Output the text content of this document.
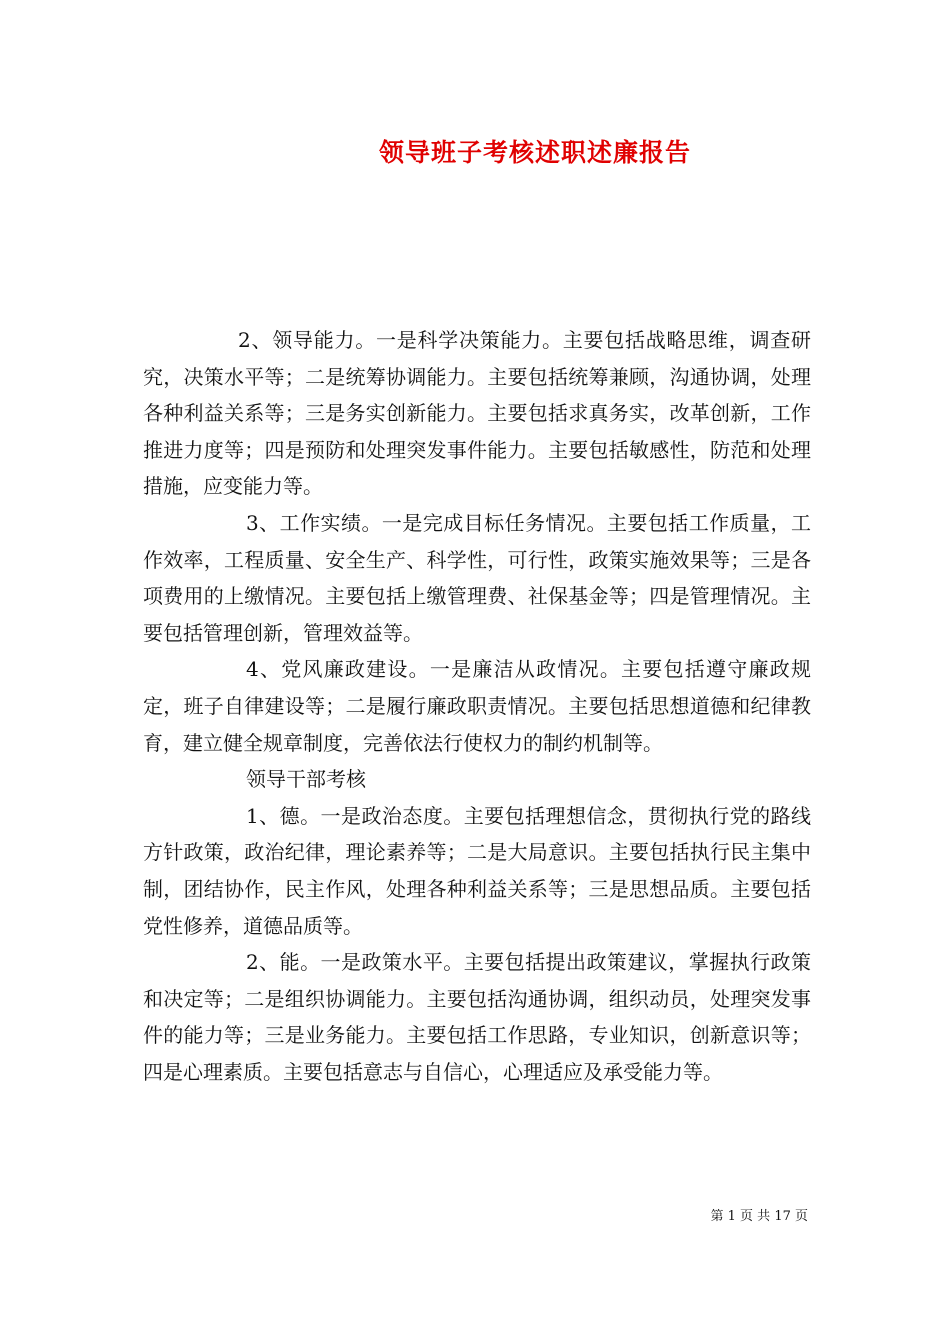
领导班子考核述职述廉报告

2、领导能力。一是科学决策能力。主要包括战略思维，调查研究，决策水平等；二是统筹协调能力。主要包括统筹兼顾，沟通协调，处理各种利益关系等；三是务实创新能力。主要包括求真务实，改革创新，工作推进力度等；四是预防和处理突发事件能力。主要包括敏感性，防范和处理措施，应变能力等。

3、工作实绩。一是完成目标任务情况。主要包括工作质量，工作效率，工程质量、安全生产、科学性，可行性，政策实施效果等；三是各项费用的上缴情况。主要包括上缴管理费、社保基金等；四是管理情况。主要包括管理创新，管理效益等。

4、党风廉政建设。一是廉洁从政情况。主要包括遵守廉政规定，班子自律建设等；二是履行廉政职责情况。主要包括思想道德和纪律教育，建立健全规章制度，完善依法行使权力的制约机制等。

领导干部考核

1、德。一是政治态度。主要包括理想信念，贯彻执行党的路线方针政策，政治纪律，理论素养等；二是大局意识。主要包括执行民主集中制，团结协作，民主作风，处理各种利益关系等；三是思想品质。主要包括党性修养，道德品质等。

2、能。一是政策水平。主要包括提出政策建议，掌握执行政策和决定等；二是组织协调能力。主要包括沟通协调，组织动员，处理突发事件的能力等；三是业务能力。主要包括工作思路，专业知识，创新意识等；四是心理素质。主要包括意志与自信心，心理适应及承受能力等。

第 1 页 共 17 页
